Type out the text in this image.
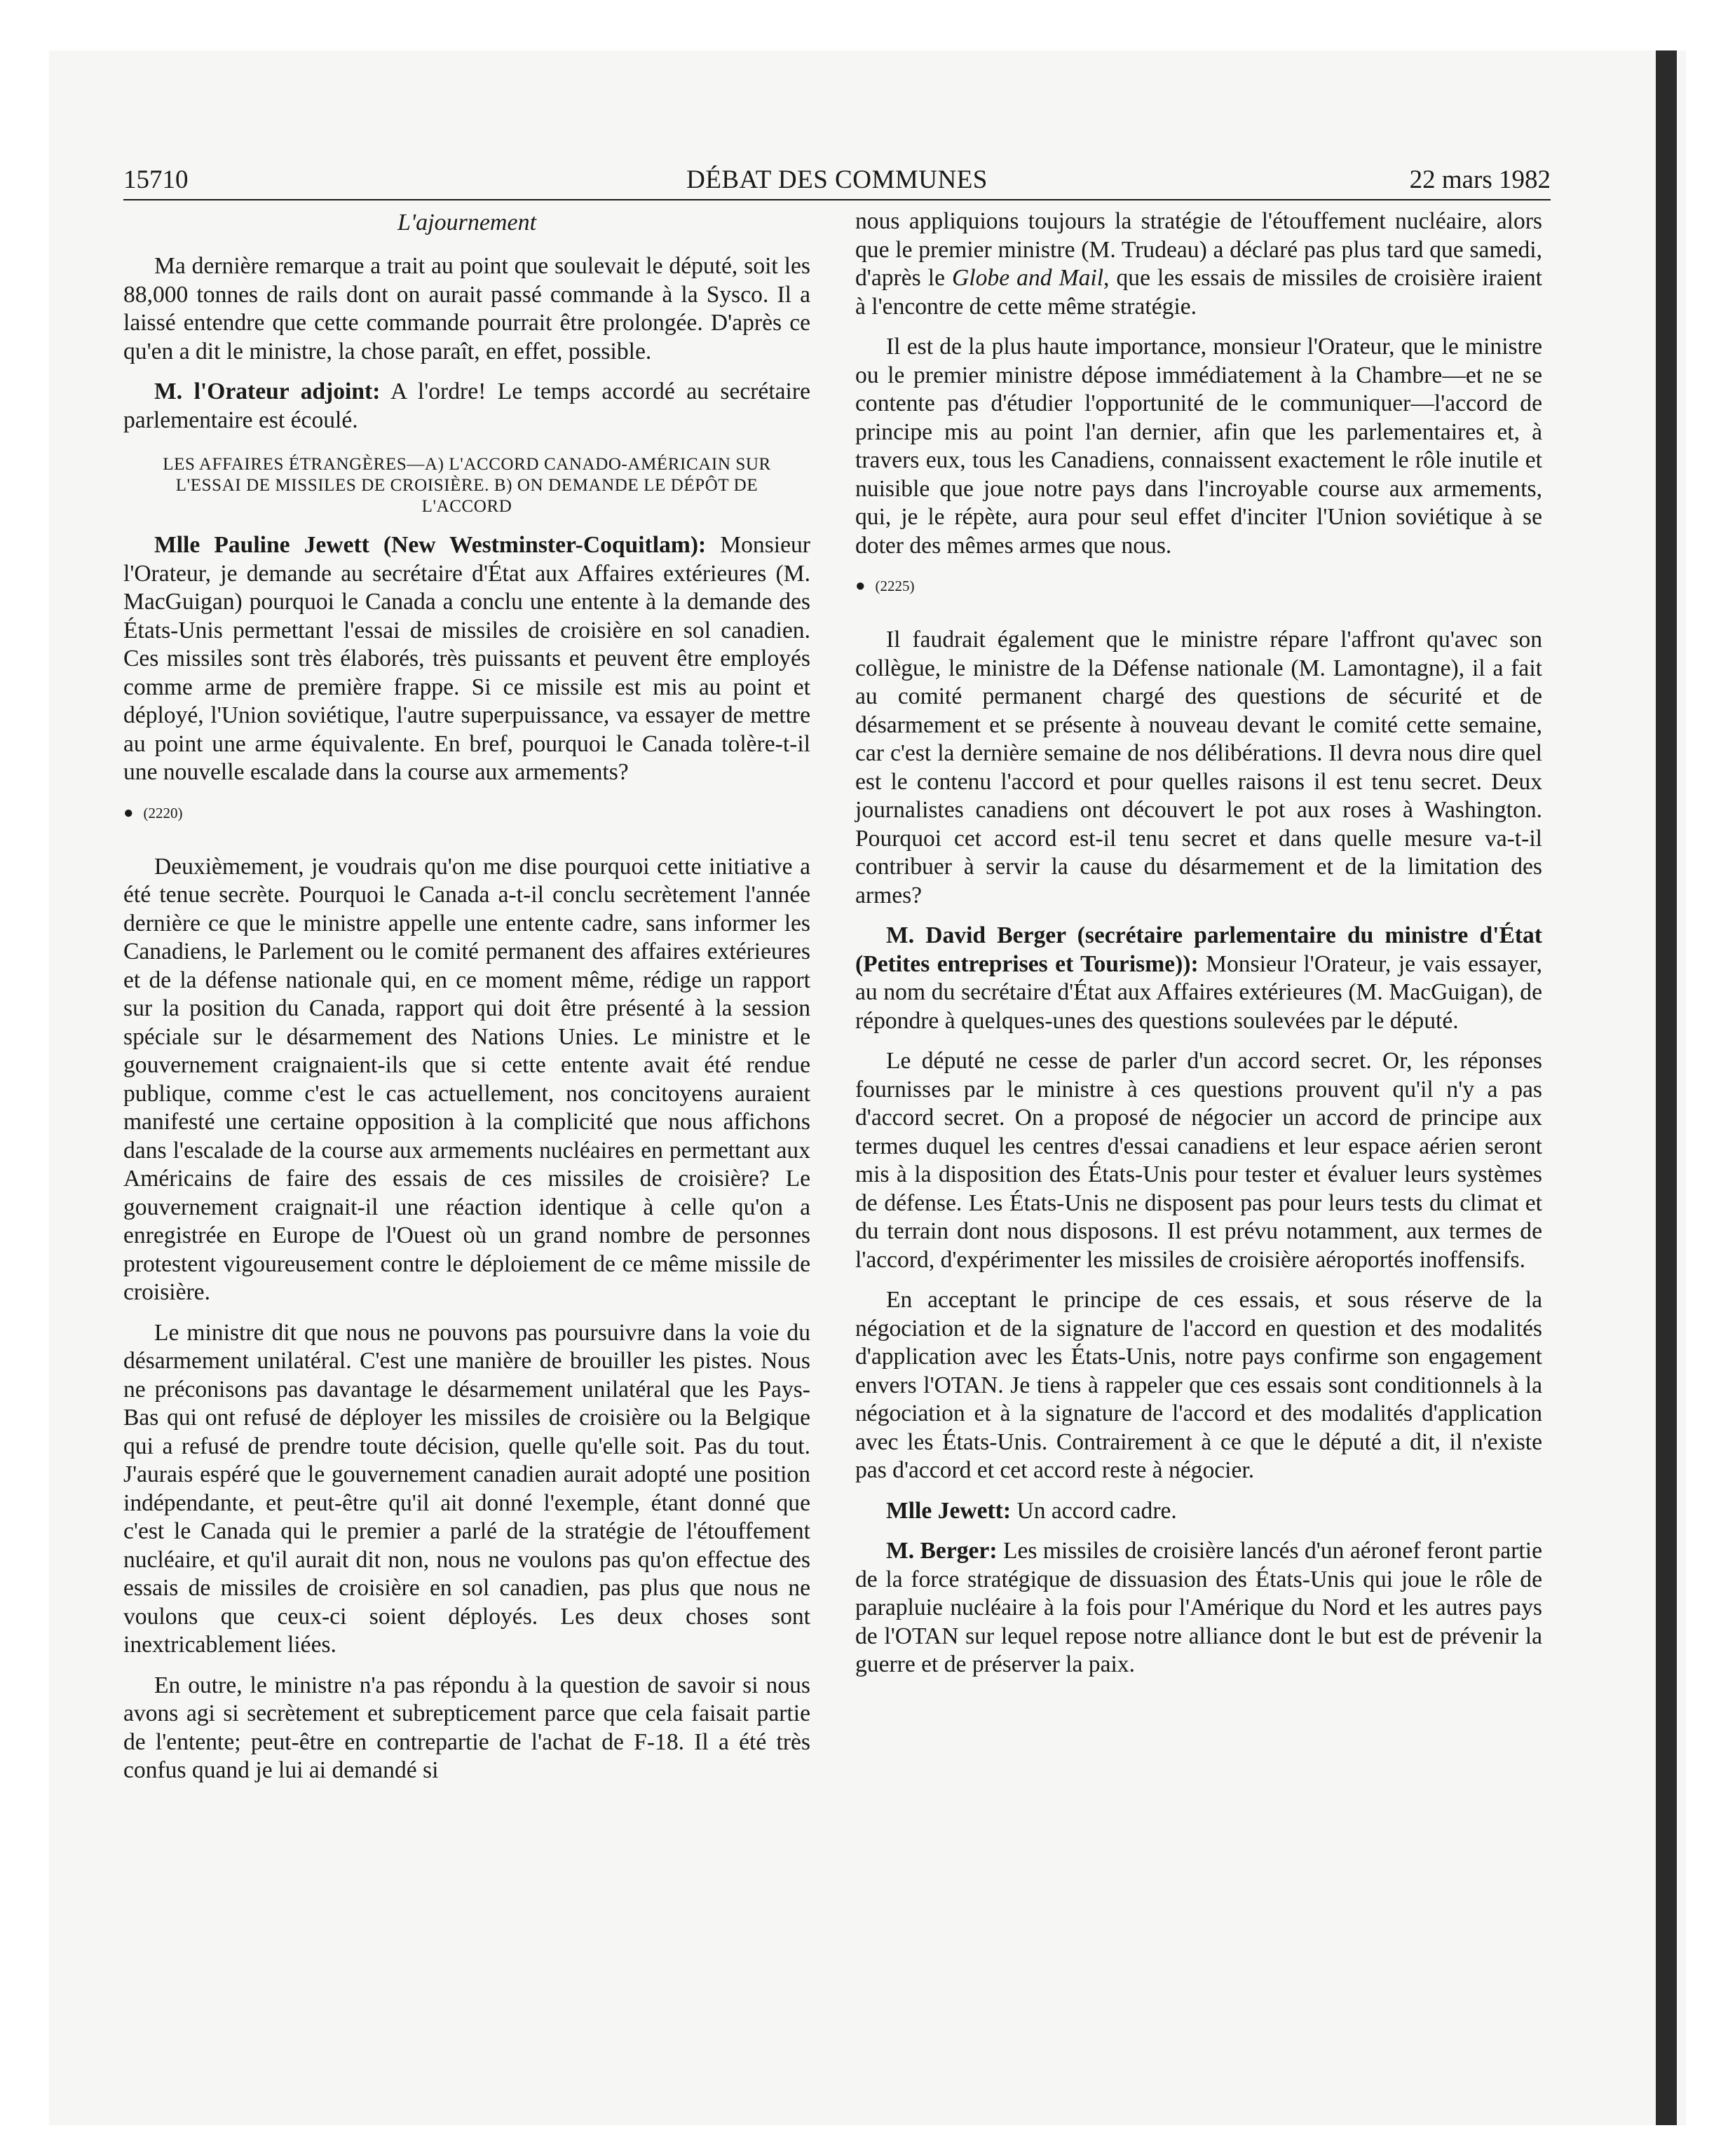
15710	DÉBAT DES COMMUNES	22 mars 1982
L'ajournement

Ma dernière remarque a trait au point que soulevait le député, soit les 88,000 tonnes de rails dont on aurait passé commande à la Sysco. Il a laissé entendre que cette commande pourrait être prolongée. D'après ce qu'en a dit le ministre, la chose paraît, en effet, possible.

M. l'Orateur adjoint: A l'ordre! Le temps accordé au secrétaire parlementaire est écoulé.

LES AFFAIRES ÉTRANGÈRES—A) L'ACCORD CANADO-AMÉRICAIN SUR L'ESSAI DE MISSILES DE CROISIÈRE. B) ON DEMANDE LE DÉPÔT DE L'ACCORD

Mlle Pauline Jewett (New Westminster-Coquitlam): Monsieur l'Orateur, je demande au secrétaire d'État aux Affaires extérieures (M. MacGuigan) pourquoi le Canada a conclu une entente à la demande des États-Unis permettant l'essai de missiles de croisière en sol canadien. Ces missiles sont très élaborés, très puissants et peuvent être employés comme arme de première frappe. Si ce missile est mis au point et déployé, l'Union soviétique, l'autre superpuissance, va essayer de mettre au point une arme équivalente. En bref, pourquoi le Canada tolère-t-il une nouvelle escalade dans la course aux armements?

● (2220)

Deuxièmement, je voudrais qu'on me dise pourquoi cette initiative a été tenue secrète. Pourquoi le Canada a-t-il conclu secrètement l'année dernière ce que le ministre appelle une entente cadre, sans informer les Canadiens, le Parlement ou le comité permanent des affaires extérieures et de la défense nationale qui, en ce moment même, rédige un rapport sur la position du Canada, rapport qui doit être présenté à la session spéciale sur le désarmement des Nations Unies. Le ministre et le gouvernement craignaient-ils que si cette entente avait été rendue publique, comme c'est le cas actuellement, nos concitoyens auraient manifesté une certaine opposition à la complicité que nous affichons dans l'escalade de la course aux armements nucléaires en permettant aux Américains de faire des essais de ces missiles de croisière? Le gouvernement craignait-il une réaction identique à celle qu'on a enregistrée en Europe de l'Ouest où un grand nombre de personnes protestent vigoureusement contre le déploiement de ce même missile de croisière.

Le ministre dit que nous ne pouvons pas poursuivre dans la voie du désarmement unilatéral. C'est une manière de brouiller les pistes. Nous ne préconisons pas davantage le désarmement unilatéral que les Pays-Bas qui ont refusé de déployer les missiles de croisière ou la Belgique qui a refusé de prendre toute décision, quelle qu'elle soit. Pas du tout. J'aurais espéré que le gouvernement canadien aurait adopté une position indépendante, et peut-être qu'il ait donné l'exemple, étant donné que c'est le Canada qui le premier a parlé de la stratégie de l'étouffement nucléaire, et qu'il aurait dit non, nous ne voulons pas qu'on effectue des essais de missiles de croisière en sol canadien, pas plus que nous ne voulons que ceux-ci soient déployés. Les deux choses sont inextricablement liées.

En outre, le ministre n'a pas répondu à la question de savoir si nous avons agi si secrètement et subrepticement parce que cela faisait partie de l'entente; peut-être en contrepartie de l'achat de F-18. Il a été très confus quand je lui ai demandé si

nous appliquions toujours la stratégie de l'étouffement nucléaire, alors que le premier ministre (M. Trudeau) a déclaré pas plus tard que samedi, d'après le Globe and Mail, que les essais de missiles de croisière iraient à l'encontre de cette même stratégie.

Il est de la plus haute importance, monsieur l'Orateur, que le ministre ou le premier ministre dépose immédiatement à la Chambre—et ne se contente pas d'étudier l'opportunité de le communiquer—l'accord de principe mis au point l'an dernier, afin que les parlementaires et, à travers eux, tous les Canadiens, connaissent exactement le rôle inutile et nuisible que joue notre pays dans l'incroyable course aux armements, qui, je le répète, aura pour seul effet d'inciter l'Union soviétique à se doter des mêmes armes que nous.

● (2225)

Il faudrait également que le ministre répare l'affront qu'avec son collègue, le ministre de la Défense nationale (M. Lamontagne), il a fait au comité permanent chargé des questions de sécurité et de désarmement et se présente à nouveau devant le comité cette semaine, car c'est la dernière semaine de nos délibérations. Il devra nous dire quel est le contenu l'accord et pour quelles raisons il est tenu secret. Deux journalistes canadiens ont découvert le pot aux roses à Washington. Pourquoi cet accord est-il tenu secret et dans quelle mesure va-t-il contribuer à servir la cause du désarmement et de la limitation des armes?

M. David Berger (secrétaire parlementaire du ministre d'État (Petites entreprises et Tourisme)): Monsieur l'Orateur, je vais essayer, au nom du secrétaire d'État aux Affaires extérieures (M. MacGuigan), de répondre à quelques-unes des questions soulevées par le député.

Le député ne cesse de parler d'un accord secret. Or, les réponses fournisses par le ministre à ces questions prouvent qu'il n'y a pas d'accord secret. On a proposé de négocier un accord de principe aux termes duquel les centres d'essai canadiens et leur espace aérien seront mis à la disposition des États-Unis pour tester et évaluer leurs systèmes de défense. Les États-Unis ne disposent pas pour leurs tests du climat et du terrain dont nous disposons. Il est prévu notamment, aux termes de l'accord, d'expérimenter les missiles de croisière aéroportés inoffensifs.

En acceptant le principe de ces essais, et sous réserve de la négociation et de la signature de l'accord en question et des modalités d'application avec les États-Unis, notre pays confirme son engagement envers l'OTAN. Je tiens à rappeler que ces essais sont conditionnels à la négociation et à la signature de l'accord et des modalités d'application avec les États-Unis. Contrairement à ce que le député a dit, il n'existe pas d'accord et cet accord reste à négocier.

Mlle Jewett: Un accord cadre.

M. Berger: Les missiles de croisière lancés d'un aéronef feront partie de la force stratégique de dissuasion des États-Unis qui joue le rôle de parapluie nucléaire à la fois pour l'Amérique du Nord et les autres pays de l'OTAN sur lequel repose notre alliance dont le but est de prévenir la guerre et de préserver la paix.
